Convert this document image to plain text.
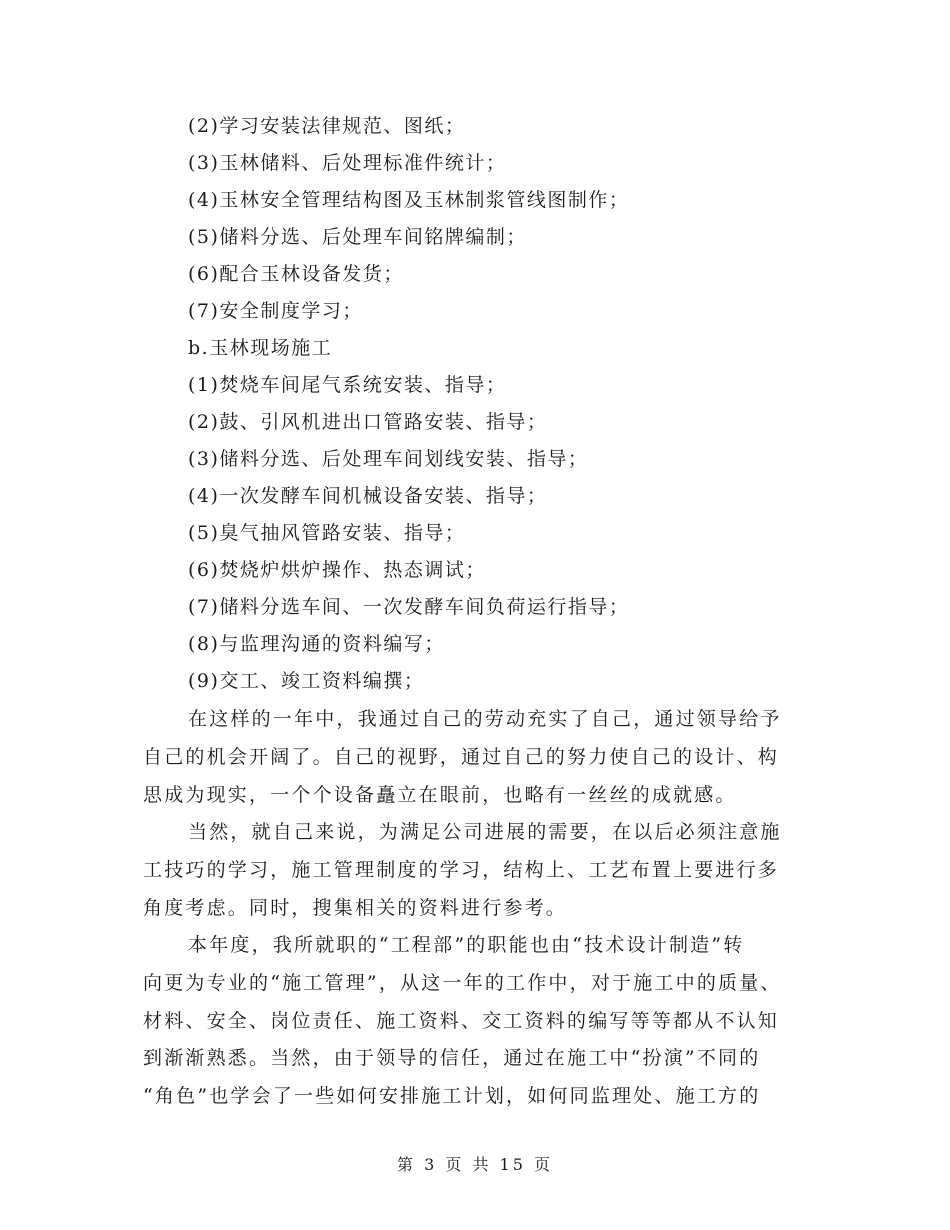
(2)学习安装法律规范、图纸；
(3)玉林储料、后处理标准件统计；
(4)玉林安全管理结构图及玉林制浆管线图制作；
(5)储料分选、后处理车间铭牌编制；
(6)配合玉林设备发货；
(7)安全制度学习；
b.玉林现场施工
(1)焚烧车间尾气系统安装、指导；
(2)鼓、引风机进出口管路安装、指导；
(3)储料分选、后处理车间划线安装、指导；
(4)一次发酵车间机械设备安装、指导；
(5)臭气抽风管路安装、指导；
(6)焚烧炉烘炉操作、热态调试；
(7)储料分选车间、一次发酵车间负荷运行指导；
(8)与监理沟通的资料编写；
(9)交工、竣工资料编撰；
在这样的一年中，我通过自己的劳动充实了自己，通过领导给予
自己的机会开阔了。自己的视野，通过自己的努力使自己的设计、构
思成为现实，一个个设备矗立在眼前，也略有一丝丝的成就感。
当然，就自己来说，为满足公司进展的需要，在以后必须注意施
工技巧的学习，施工管理制度的学习，结构上、工艺布置上要进行多
角度考虑。同时，搜集相关的资料进行参考。
本年度，我所就职的“工程部”的职能也由“技术设计制造”转
向更为专业的“施工管理”，从这一年的工作中，对于施工中的质量、
材料、安全、岗位责任、施工资料、交工资料的编写等等都从不认知
到渐渐熟悉。当然，由于领导的信任，通过在施工中“扮演”不同的
“角色”也学会了一些如何安排施工计划，如何同监理处、施工方的
第 3 页 共 15 页
